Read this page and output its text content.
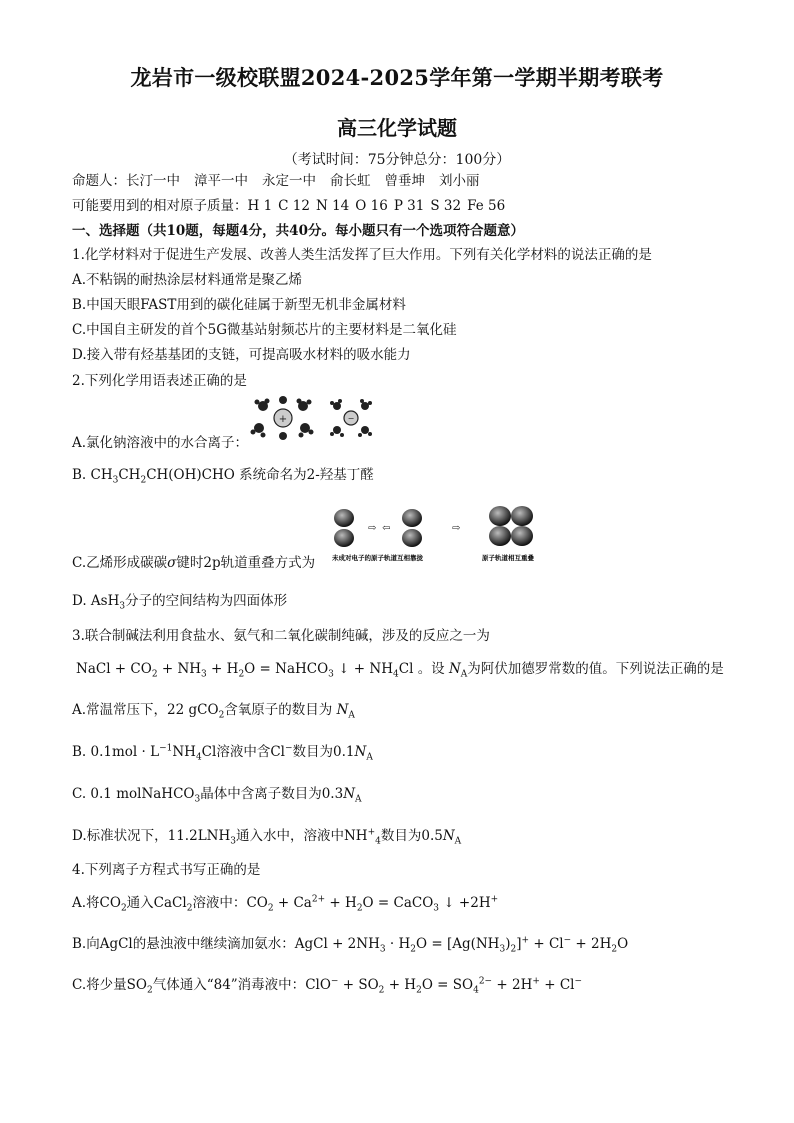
龙岩市一级校联盟2024-2025学年第一学期半期考联考
高三化学试题
（考试时间：75分钟总分：100分）
命题人：长汀一中 漳平一中 永定一中 俞长虹 曾垂坤 刘小丽
可能要用到的相对原子质量：H 1 C 12 N 14 O 16 P 31 S 32 Fe 56
一、选择题（共10题，每题4分，共40分。每小题只有一个选项符合题意）
1.化学材料对于促进生产发展、改善人类生活发挥了巨大作用。下列有关化学材料的说法正确的是
A.不粘锅的耐热涂层材料通常是聚乙烯
B.中国天眼FAST用到的碳化硅属于新型无机非金属材料
C.中国自主研发的首个5G微基站射频芯片的主要材料是二氧化硅
D.接入带有烃基基团的支链，可提高吸水材料的吸水能力
2.下列化学用语表述正确的是
+	−
A.氯化钠溶液中的水合离子：
B. $CH_3CH_2CH(OH)CHO$ 系统命名为2-羟基丁醛
⇨ ⇦	⇨
未成对电子的原子轨道互相靠拢	原子轨道相互重叠
C.乙烯形成碳碳σ键时2p轨道重叠方式为
D. AsH$_3$分子的空间结构为四面体形
3.联合制碱法利用食盐水、氨气和二氧化碳制纯碱，涉及的反应之一为
NaCl + $CO_2 + NH_3 + H_2O$ = NaHCO$_3$ ↓ + $NH_4Cl$ 。设 $N_A$为阿伏加德罗常数的值。下列说法正确的是
A.常温常压下，22 gCO$_2$含氧原子的数目为 $N_A$
B. $0.1mol \cdot L^{-1}NH_4Cl$溶液中含Cl−数目为$0.1N_A$
C. 0.1 molNaHCO$_3$晶体中含离子数目为$0.3N_A$
D.标准状况下，$11.2LNH_3$通入水中，溶液中$NH^+_4$数目为$0.5N_A$
4.下列离子方程式书写正确的是
A.将$CO_2$通入CaCl$_2$溶液中：$CO_2 + Ca^{2+} + H_2O$ = CaCO$_3$ ↓ +2H+
B.向AgCl的悬浊液中继续滴加氨水：AgCl + $2NH_3 \cdot H_2O = [Ag(NH_3)_2]^+ + Cl^- + 2H_2O$
C.将少量$SO_2$气体通入“84”消毒液中：$ClO^- + SO_2 + H_2O = SO_4^{2-} + 2H^+ + Cl^-$
